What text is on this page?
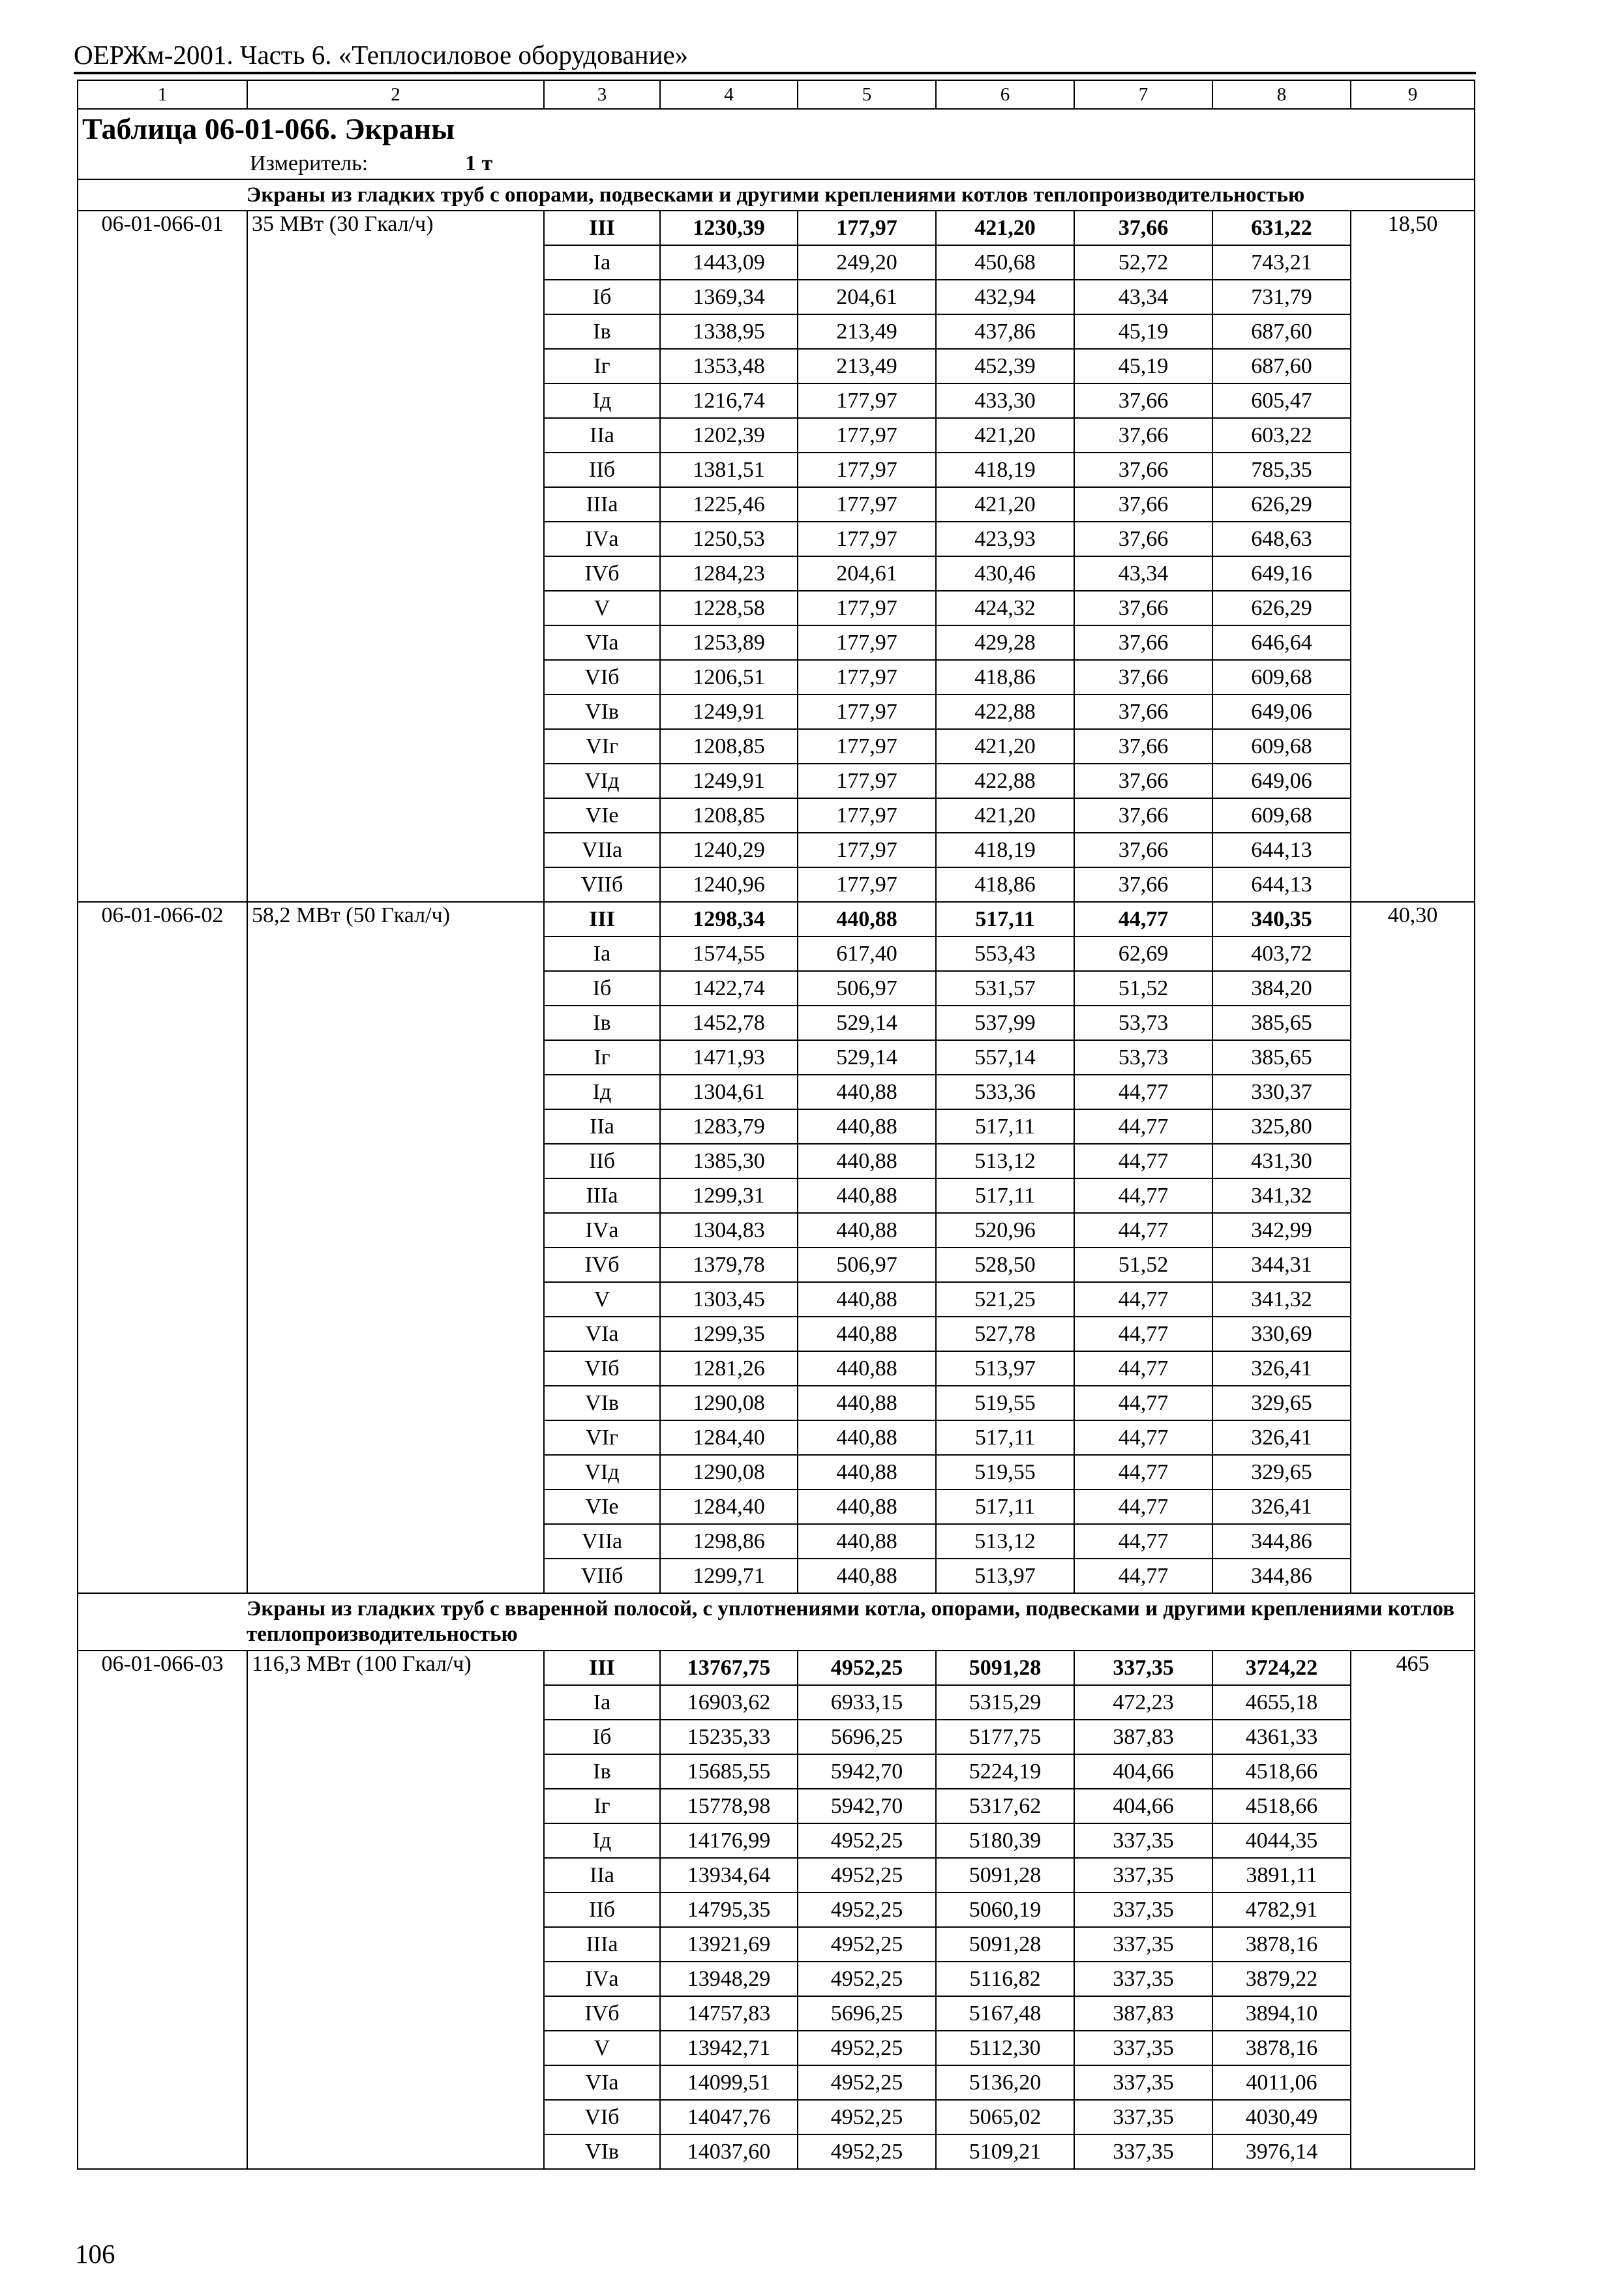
ОЕРЖм-2001. Часть 6. «Теплосиловое оборудование»
1	2	3	4	5	6	7	8	9
Таблица 06-01-066. Экраны								
Измеритель: 1 т								
Экраны из гладких труб с опорами, подвесками и другими креплениями котлов теплопроизводительностью								
06-01-066-01	35 МВт (30 Гкал/ч)	III	1230,39	177,97	421,20	37,66	631,22	18,50
		Iа	1443,09	249,20	450,68	52,72	743,21	
		Iб	1369,34	204,61	432,94	43,34	731,79	
		Iв	1338,95	213,49	437,86	45,19	687,60	
		Iг	1353,48	213,49	452,39	45,19	687,60	
		Iд	1216,74	177,97	433,30	37,66	605,47	
		IIа	1202,39	177,97	421,20	37,66	603,22	
		IIб	1381,51	177,97	418,19	37,66	785,35	
		IIIа	1225,46	177,97	421,20	37,66	626,29	
		IVа	1250,53	177,97	423,93	37,66	648,63	
		IVб	1284,23	204,61	430,46	43,34	649,16	
		V	1228,58	177,97	424,32	37,66	626,29	
		VIа	1253,89	177,97	429,28	37,66	646,64	
		VIб	1206,51	177,97	418,86	37,66	609,68	
		VIв	1249,91	177,97	422,88	37,66	649,06	
		VIг	1208,85	177,97	421,20	37,66	609,68	
		VIд	1249,91	177,97	422,88	37,66	649,06	
		VIе	1208,85	177,97	421,20	37,66	609,68	
		VIIа	1240,29	177,97	418,19	37,66	644,13	
		VIIб	1240,96	177,97	418,86	37,66	644,13	
06-01-066-02	58,2 МВт (50 Гкал/ч)	III	1298,34	440,88	517,11	44,77	340,35	40,30
		Iа	1574,55	617,40	553,43	62,69	403,72	
		Iб	1422,74	506,97	531,57	51,52	384,20	
		Iв	1452,78	529,14	537,99	53,73	385,65	
		Iг	1471,93	529,14	557,14	53,73	385,65	
		Iд	1304,61	440,88	533,36	44,77	330,37	
		IIа	1283,79	440,88	517,11	44,77	325,80	
		IIб	1385,30	440,88	513,12	44,77	431,30	
		IIIа	1299,31	440,88	517,11	44,77	341,32	
		IVа	1304,83	440,88	520,96	44,77	342,99	
		IVб	1379,78	506,97	528,50	51,52	344,31	
		V	1303,45	440,88	521,25	44,77	341,32	
		VIа	1299,35	440,88	527,78	44,77	330,69	
		VIб	1281,26	440,88	513,97	44,77	326,41	
		VIв	1290,08	440,88	519,55	44,77	329,65	
		VIг	1284,40	440,88	517,11	44,77	326,41	
		VIд	1290,08	440,88	519,55	44,77	329,65	
		VIе	1284,40	440,88	517,11	44,77	326,41	
		VIIа	1298,86	440,88	513,12	44,77	344,86	
		VIIб	1299,71	440,88	513,97	44,77	344,86	
Экраны из гладких труб с вваренной полосой, с уплотнениями котла, опорами, подвесками и другими креплениями котлов теплопроизводительностью								
06-01-066-03	116,3 МВт (100 Гкал/ч)	III	13767,75	4952,25	5091,28	337,35	3724,22	465
		Iа	16903,62	6933,15	5315,29	472,23	4655,18	
		Iб	15235,33	5696,25	5177,75	387,83	4361,33	
		Iв	15685,55	5942,70	5224,19	404,66	4518,66	
		Iг	15778,98	5942,70	5317,62	404,66	4518,66	
		Iд	14176,99	4952,25	5180,39	337,35	4044,35	
		IIа	13934,64	4952,25	5091,28	337,35	3891,11	
		IIб	14795,35	4952,25	5060,19	337,35	4782,91	
		IIIа	13921,69	4952,25	5091,28	337,35	3878,16	
		IVа	13948,29	4952,25	5116,82	337,35	3879,22	
		IVб	14757,83	5696,25	5167,48	387,83	3894,10	
		V	13942,71	4952,25	5112,30	337,35	3878,16	
		VIа	14099,51	4952,25	5136,20	337,35	4011,06	
		VIб	14047,76	4952,25	5065,02	337,35	4030,49	
		VIв	14037,60	4952,25	5109,21	337,35	3976,14	
106
